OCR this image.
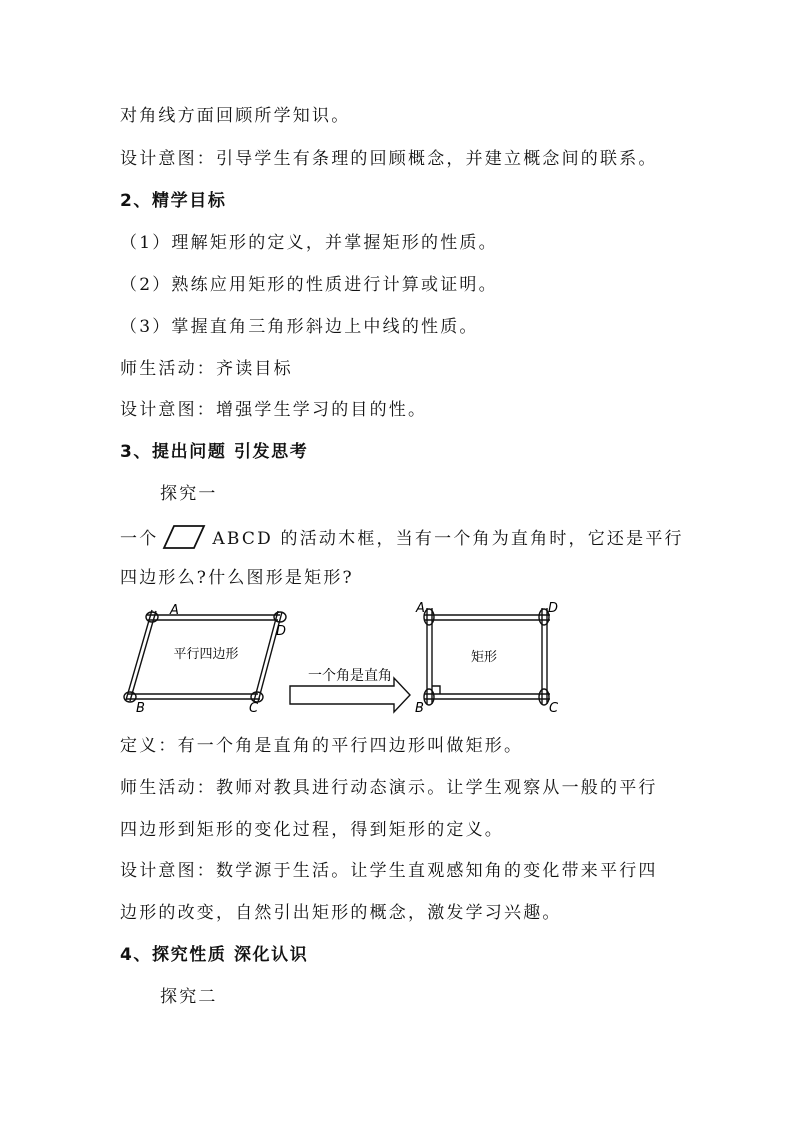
对角线方面回顾所学知识。
设计意图：引导学生有条理的回顾概念，并建立概念间的联系。
2、精学目标
（1）理解矩形的定义，并掌握矩形的性质。
（2）熟练应用矩形的性质进行计算或证明。
（3）掌握直角三角形斜边上中线的性质。
师生活动：齐读目标
设计意图：增强学生学习的目的性。
3、提出问题 引发思考
探究一
一个	ABCD 的活动木框，当有一个角为直角时，它还是平行
四边形么?什么图形是矩形?
A
D
B	C
平行四边形
一个角是直角
A	D
B	C
矩形
定义：有一个角是直角的平行四边形叫做矩形。
师生活动：教师对教具进行动态演示。让学生观察从一般的平行
四边形到矩形的变化过程，得到矩形的定义。
设计意图：数学源于生活。让学生直观感知角的变化带来平行四
边形的改变，自然引出矩形的概念，激发学习兴趣。
4、探究性质 深化认识
探究二
